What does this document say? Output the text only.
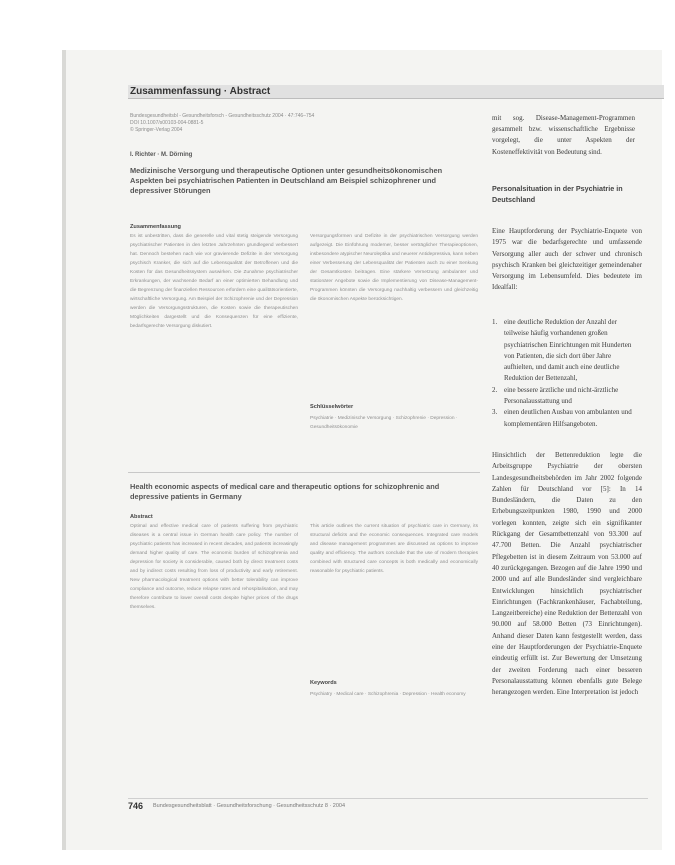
Zusammenfassung · Abstract
Bundesgesundheitsbl - Gesundheitsforsch - Gesundheitsschutz 2004 · 47:746–754
DOI 10.1007/s00103-004-0881-5
© Springer-Verlag 2004
I. Richter · M. Dörning
Medizinische Versorgung und therapeutische Optionen unter gesundheitsökonomischen Aspekten bei psychiatrischen Patienten in Deutschland am Beispiel schizophrener und depressiver Störungen
Zusammenfassung
Es ist unbestritten, dass die generelle und vital stetig steigende Versorgung psychiatrischer Patienten in den letzten Jahrzehnten grundlegend verbessert hat. Dennoch bestehen nach wie vor gravierende Defizite in der Versorgung psychisch Kranker, die sich auf die Lebensqualität der Betroffenen und die Kosten für das Gesundheitssystem auswirken. Die Zunahme psychiatrischer Erkrankungen, der wachsende Bedarf an einer optimierten Behandlung und die Begrenzung der finanziellen Ressourcen erfordern eine qualitätsorientierte, wirtschaftliche Versorgung. Am Beispiel der Schizophrenie und der Depression werden die Versorgungsstrukturen, die Kosten sowie die therapeutischen Möglichkeiten dargestellt und die Konsequenzen für eine effiziente, bedarfsgerechte Versorgung diskutiert.
Versorgungsformen und Defizite in der psychiatrischen Versorgung werden aufgezeigt. Die Einführung moderner, besser verträglicher Therapieoptionen, insbesondere atypischer Neuroleptika und neuerer Antidepressiva, kann neben einer Verbesserung der Lebensqualität der Patienten auch zu einer Senkung der Gesamtkosten beitragen. Eine stärkere Vernetzung ambulanter und stationärer Angebote sowie die Implementierung von Disease-Management-Programmen könnten die Versorgung nachhaltig verbessern und gleichzeitig die ökonomischen Aspekte berücksichtigen.
Schlüsselwörter
Psychiatrie · Medizinische Versorgung · Schizophrenie · Depression · Gesundheitsökonomie
Health economic aspects of medical care and therapeutic options for schizophrenic and depressive patients in Germany
Abstract
Optimal and effective medical care of patients suffering from psychiatric diseases is a central issue in German health care policy. The number of psychiatric patients has increased in recent decades, and patients increasingly demand higher quality of care. The economic burden of schizophrenia and depression for society is considerable, caused both by direct treatment costs and by indirect costs resulting from loss of productivity and early retirement. New pharmacological treatment options with better tolerability can improve compliance and outcome, reduce relapse rates and rehospitalisation, and may therefore contribute to lower overall costs despite higher prices of the drugs themselves.
This article outlines the current situation of psychiatric care in Germany, its structural deficits and the economic consequences. Integrated care models and disease management programmes are discussed as options to improve quality and efficiency. The authors conclude that the use of modern therapies combined with structured care concepts is both medically and economically reasonable for psychiatric patients.
Keywords
Psychiatry · Medical care · Schizophrenia · Depression · Health economy
mit sog. Disease-Management-Programmen gesammelt bzw. wissenschaftliche Ergebnisse vorgelegt, die unter Aspekten der Kosteneffektivität von Bedeutung sind.
Personalsituation in der Psychiatrie in Deutschland
Eine Hauptforderung der Psychiatrie-Enquete von 1975 war die bedarfsgerechte und umfassende Versorgung aller auch der schwer und chronisch psychisch Kranken bei gleichzeitiger gemeindenaher Versorgung im Lebensumfeld. Dies bedeutete im Idealfall:
1. eine deutliche Reduktion der Anzahl der teilweise häufig vorhandenen großen psychiatrischen Einrichtungen mit Hunderten von Patienten, die sich dort über Jahre aufhielten, und damit auch eine deutliche Reduktion der Bettenzahl,
2. eine bessere ärztliche und nicht-ärztliche Personalausstattung und
3. einen deutlichen Ausbau von ambulanten und komplementären Hilfsangeboten.
Hinsichtlich der Bettenreduktion legte die Arbeitsgruppe Psychiatrie der obersten Landesgesundheitsbehörden im Jahr 2002 folgende Zahlen für Deutschland vor [5]: In 14 Bundesländern, die Daten zu den Erhebungszeitpunkten 1980, 1990 und 2000 vorlegen konnten, zeigte sich ein signifikanter Rückgang der Gesamtbettenzahl von 93.300 auf 47.700 Betten. Die Anzahl psychiatrischer Pflegebetten ist in diesem Zeitraum von 53.000 auf 40 zurückgegangen. Bezogen auf die Jahre 1990 und 2000 und auf alle Bundesländer sind vergleichbare Entwicklungen hinsichtlich psychiatrischer Einrichtungen (Fachkrankenhäuser, Fachabteilung, Langzeitbereiche) eine Reduktion der Bettenzahl von 90.000 auf 58.000 Betten (73 Einrichtungen). Anhand dieser Daten kann festgestellt werden, dass eine der Hauptforderungen der Psychiatrie-Enquete eindeutig erfüllt ist. Zur Bewertung der Umsetzung der zweiten Forderung nach einer besseren Personalausstattung können ebenfalls gute Belege herangezogen werden. Eine Interpretation ist jedoch
746 Bundesgesundheitsblatt · Gesundheitsforschung · Gesundheitsschutz 8 · 2004
